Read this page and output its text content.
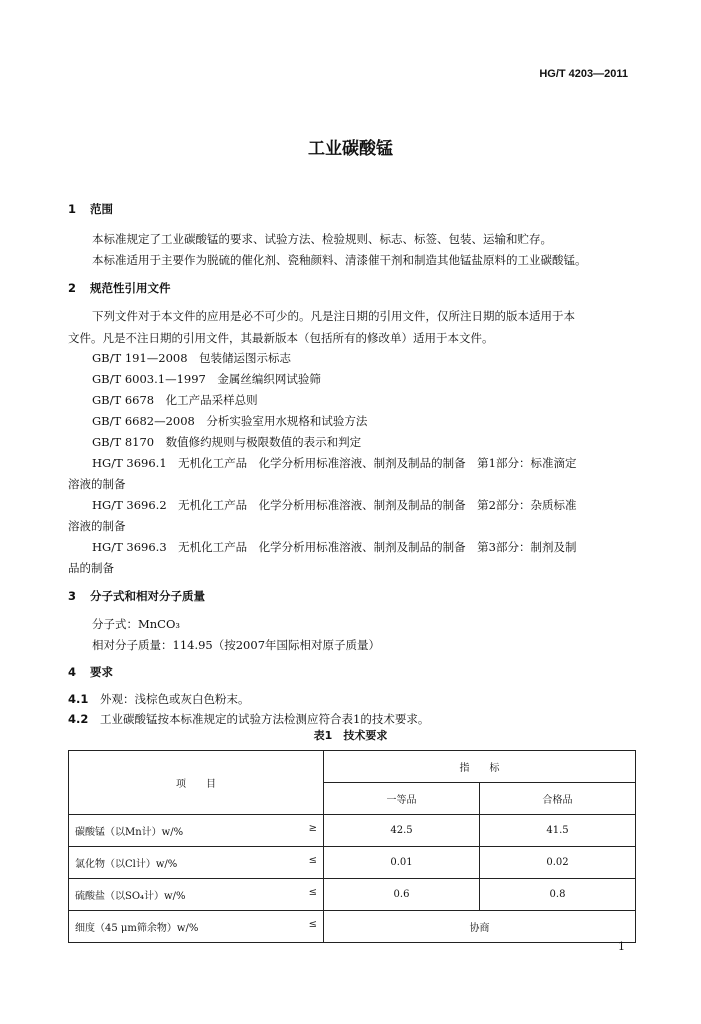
HG/T 4203—2011
工业碳酸锰
1 范围
本标准规定了工业碳酸锰的要求、试验方法、检验规则、标志、标签、包装、运输和贮存。
本标准适用于主要作为脱硫的催化剂、瓷釉颜料、清漆催干剂和制造其他锰盐原料的工业碳酸锰。
2 规范性引用文件
下列文件对于本文件的应用是必不可少的。凡是注日期的引用文件，仅所注日期的版本适用于本
文件。凡是不注日期的引用文件，其最新版本（包括所有的修改单）适用于本文件。
GB/T 191—2008　包装储运图示标志
GB/T 6003.1—1997　金属丝编织网试验筛
GB/T 6678　化工产品采样总则
GB/T 6682—2008　分析实验室用水规格和试验方法
GB/T 8170　数值修约规则与极限数值的表示和判定
HG/T 3696.1　无机化工产品　化学分析用标准溶液、制剂及制品的制备　第1部分：标准滴定
溶液的制备
HG/T 3696.2　无机化工产品　化学分析用标准溶液、制剂及制品的制备　第2部分：杂质标准
溶液的制备
HG/T 3696.3　无机化工产品　化学分析用标准溶液、制剂及制品的制备　第3部分：制剂及制
品的制备
3 分子式和相对分子质量
分子式：MnCO₃
相对分子质量：114.95（按2007年国际相对原子质量）
4 要求
4.1 外观：浅棕色或灰白色粉末。
4.2 工业碳酸锰按本标准规定的试验方法检测应符合表1的技术要求。
表1　技术要求
项　　目	指　　标	
	一等品	合格品
碳酸锰（以Mn计）w/% ≥	42.5	41.5
氯化物（以Cl计）w/% ≤	0.01	0.02
硫酸盐（以SO₄计）w/% ≤	0.6	0.8
细度（45 μm筛余物）w/% ≤	协商	
1
